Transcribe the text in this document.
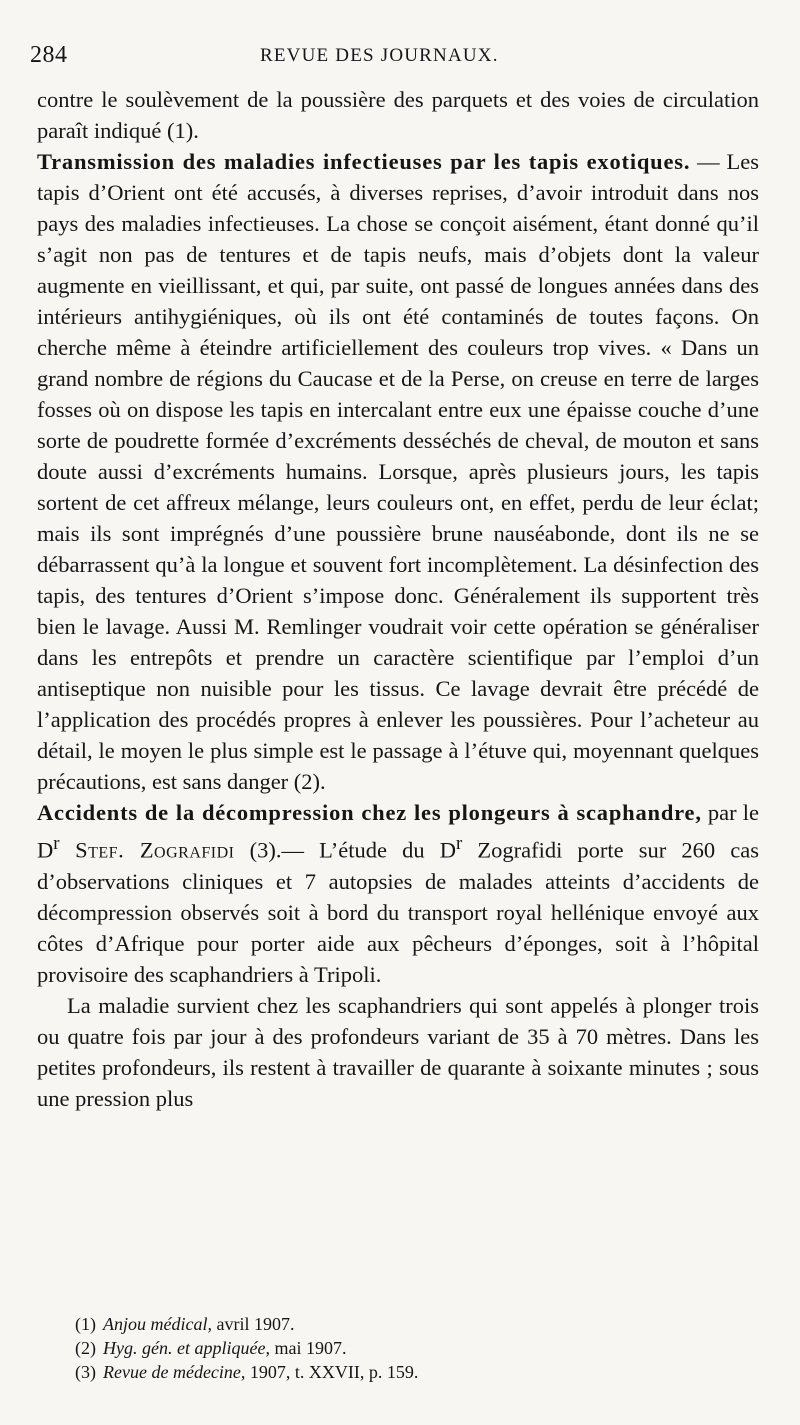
284	REVUE DES JOURNAUX.

contre le soulèvement de la poussière des parquets et des voies de circulation paraît indiqué (1).

Transmission des maladies infectieuses par les tapis exotiques. — Les tapis d’Orient ont été accusés, à diverses reprises, d’avoir introduit dans nos pays des maladies infectieuses. La chose se conçoit aisément, étant donné qu’il s’agit non pas de tentures et de tapis neufs, mais d’objets dont la valeur augmente en vieillissant, et qui, par suite, ont passé de longues années dans des intérieurs antihygiéniques, où ils ont été contaminés de toutes façons. On cherche même à éteindre artificiellement des couleurs trop vives. « Dans un grand nombre de régions du Caucase et de la Perse, on creuse en terre de larges fosses où on dispose les tapis en intercalant entre eux une épaisse couche d’une sorte de poudrette formée d’excréments desséchés de cheval, de mouton et sans doute aussi d’excréments humains. Lorsque, après plusieurs jours, les tapis sortent de cet affreux mélange, leurs couleurs ont, en effet, perdu de leur éclat; mais ils sont imprégnés d’une poussière brune nauséabonde, dont ils ne se débarrassent qu’à la longue et souvent fort incomplètement. La désinfection des tapis, des tentures d’Orient s’impose donc. Généralement ils supportent très bien le lavage. Aussi M. Remlinger voudrait voir cette opération se généraliser dans les entrepôts et prendre un caractère scientifique par l’emploi d’un antiseptique non nuisible pour les tissus. Ce lavage devrait être précédé de l’application des procédés propres à enlever les poussières. Pour l’acheteur au détail, le moyen le plus simple est le passage à l’étuve qui, moyennant quelques précautions, est sans danger (2).

Accidents de la décompression chez les plongeurs à scaphandre, par le $D^r$ Stef. Zografidi (3).— L’étude du $D^r$ Zografidi porte sur 260 cas d’observations cliniques et 7 autopsies de malades atteints d’accidents de décompression observés soit à bord du transport royal hellénique envoyé aux côtes d’Afrique pour porter aide aux pêcheurs d’éponges, soit à l’hôpital provisoire des scaphandriers à Tripoli.

La maladie survient chez les scaphandriers qui sont appelés à plonger trois ou quatre fois par jour à des profondeurs variant de 35 à 70 mètres. Dans les petites profondeurs, ils restent à travailler de quarante à soixante minutes ; sous une pression plus

(1) Anjou médical, avril 1907.
(2) Hyg. gén. et appliquée, mai 1907.
(3) Revue de médecine, 1907, t. XXVII, p. 159.
